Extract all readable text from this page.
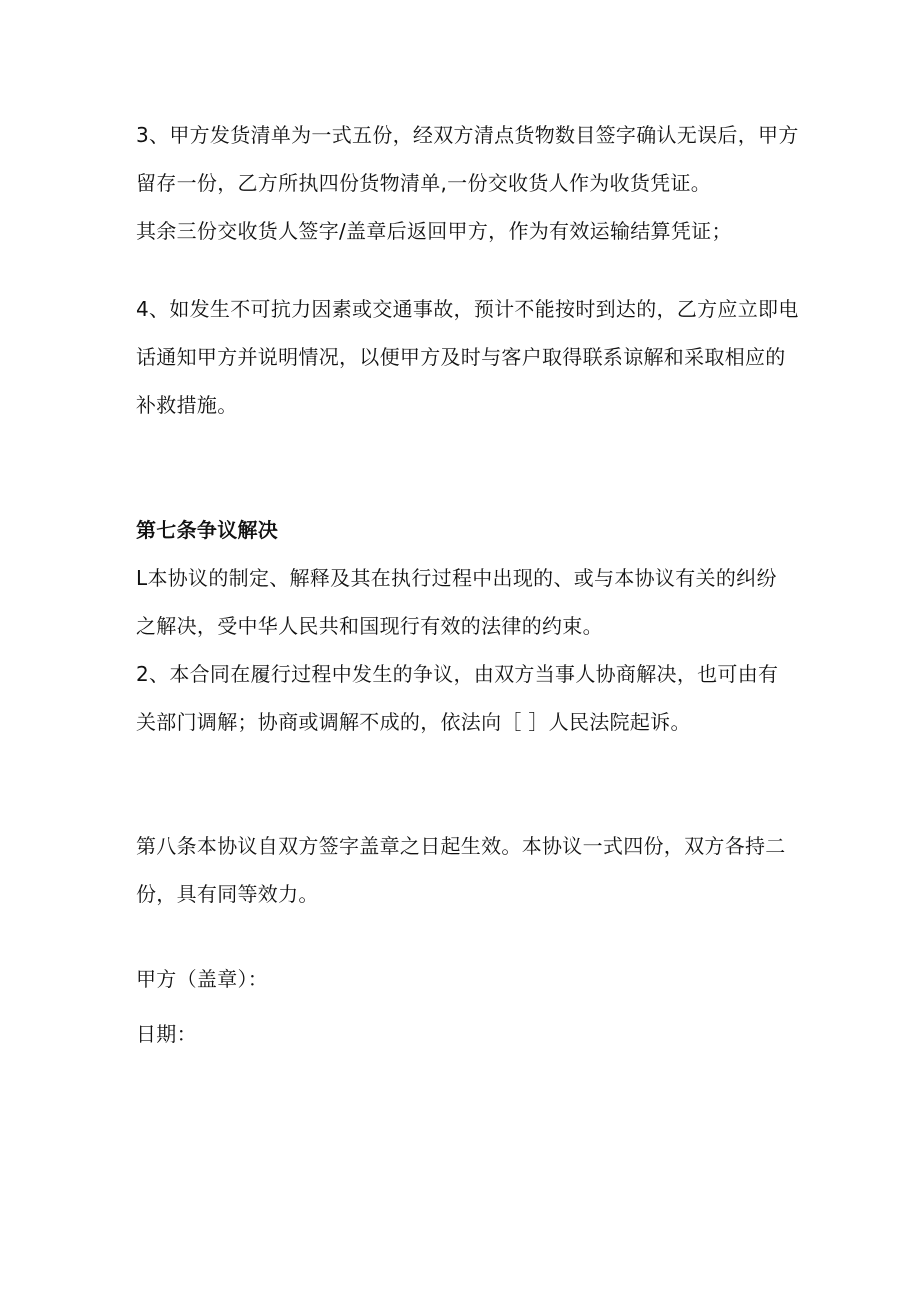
3、甲方发货清单为一式五份，经双方清点货物数目签字确认无误后，甲方
留存一份，乙方所执四份货物清单,一份交收货人作为收货凭证。
其余三份交收货人签字/盖章后返回甲方，作为有效运输结算凭证；
4、如发生不可抗力因素或交通事故，预计不能按时到达的，乙方应立即电
话通知甲方并说明情况，以便甲方及时与客户取得联系谅解和采取相应的
补救措施。
第七条争议解决
L本协议的制定、解释及其在执行过程中出现的、或与本协议有关的纠纷
之解决，受中华人民共和国现行有效的法律的约束。
2、本合同在履行过程中发生的争议，由双方当事人协商解决，也可由有
关部门调解；协商或调解不成的，依法向［ ］人民法院起诉。
第八条本协议自双方签字盖章之日起生效。本协议一式四份，双方各持二
份，具有同等效力。
甲方（盖章）：
日期：
